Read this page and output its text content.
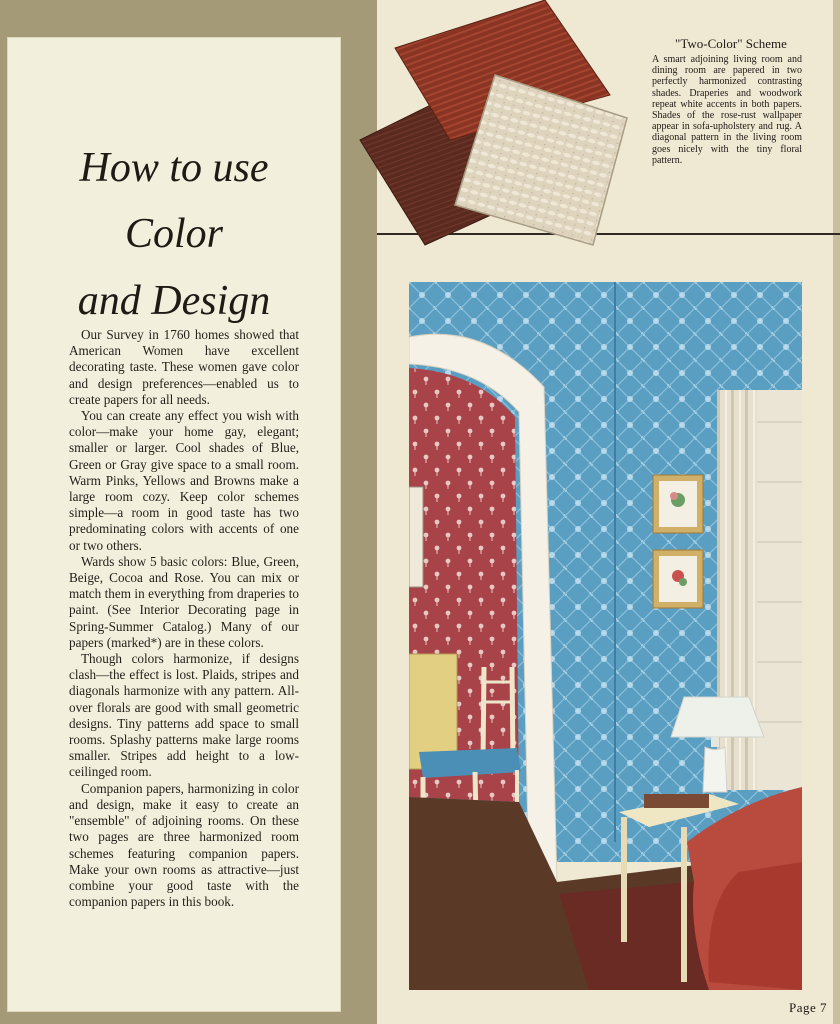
How to use
Color
and Design

Our Survey in 1760 homes showed that American Women have excellent decorating taste. These women gave color and design preferences—enabled us to create papers for all needs.

You can create any effect you wish with color—make your home gay, elegant; smaller or larger. Cool shades of Blue, Green or Gray give space to a small room. Warm Pinks, Yellows and Browns make a large room cozy. Keep color schemes simple—a room in good taste has two predominating colors with accents of one or two others.

Wards show 5 basic colors: Blue, Green, Beige, Cocoa and Rose. You can mix or match them in everything from draperies to paint. (See Interior Decorating page in Spring-Summer Catalog.) Many of our papers (marked*) are in these colors.

Though colors harmonize, if designs clash—the effect is lost. Plaids, stripes and diagonals harmonize with any pattern. All-over florals are good with small geometric designs. Tiny patterns add space to small rooms. Splashy patterns make large rooms smaller. Stripes add height to a low-ceilinged room.

Companion papers, harmonizing in color and design, make it easy to create an "ensemble" of adjoining rooms. On these two pages are three harmonized room schemes featuring companion papers. Make your own rooms as attractive—just combine your good taste with the companion papers in this book.

"Two-Color" Scheme
A smart adjoining living room and dining room are papered in two perfectly harmonized contrasting shades. Draperies and woodwork repeat white accents in both papers. Shades of the rose-rust wallpaper appear in sofa-upholstery and rug. A diagonal pattern in the living room goes nicely with the tiny floral pattern.
Page 7
